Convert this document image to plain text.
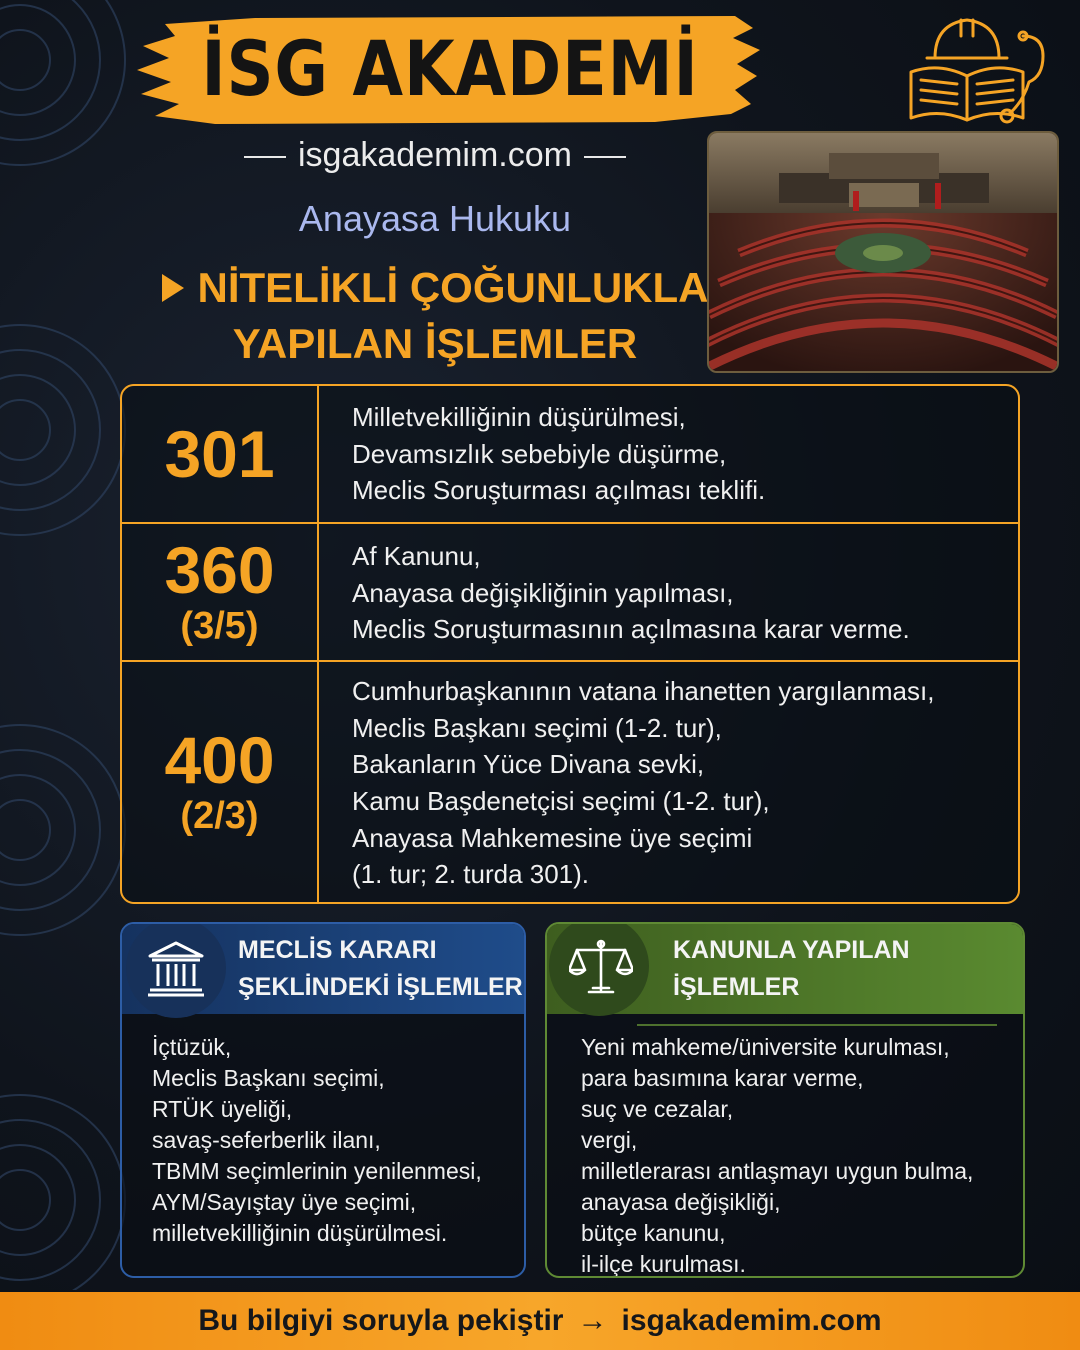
İSG AKADEMİ
isgakademim.com
Anayasa Hukuku
NİTELİKLİ ÇOĞUNLUKLA
YAPILAN İŞLEMLER
301	Milletvekilliğinin düşürülmesi,
Devamsızlık sebebiyle düşürme,
Meclis Soruşturması açılması teklifi.
360
(3/5)
Af Kanunu,
Anayasa değişikliğinin yapılması,
Meclis Soruşturmasının açılmasına karar verme.
400
(2/3)
Cumhurbaşkanının vatana ihanetten yargılanması,
Meclis Başkanı seçimi (1-2. tur),
Bakanların Yüce Divana sevki,
Kamu Başdenetçisi seçimi (1-2. tur),
Anayasa Mahkemesine üye seçimi
(1. tur; 2. turda 301).
MECLİS KARARI
ŞEKLİNDEKİ İŞLEMLER
İçtüzük,
Meclis Başkanı seçimi,
RTÜK üyeliği,
savaş-seferberlik ilanı,
TBMM seçimlerinin yenilenmesi,
AYM/Sayıştay üye seçimi,
milletvekilliğinin düşürülmesi.
KANUNLA YAPILAN
İŞLEMLER
Yeni mahkeme/üniversite kurulması,
para basımına karar verme,
suç ve cezalar,
vergi,
milletlerarası antlaşmayı uygun bulma,
anayasa değişikliği,
bütçe kanunu,
il-ilçe kurulması.
Bu bilgiyi soruyla pekiştir → isgakademim.com
